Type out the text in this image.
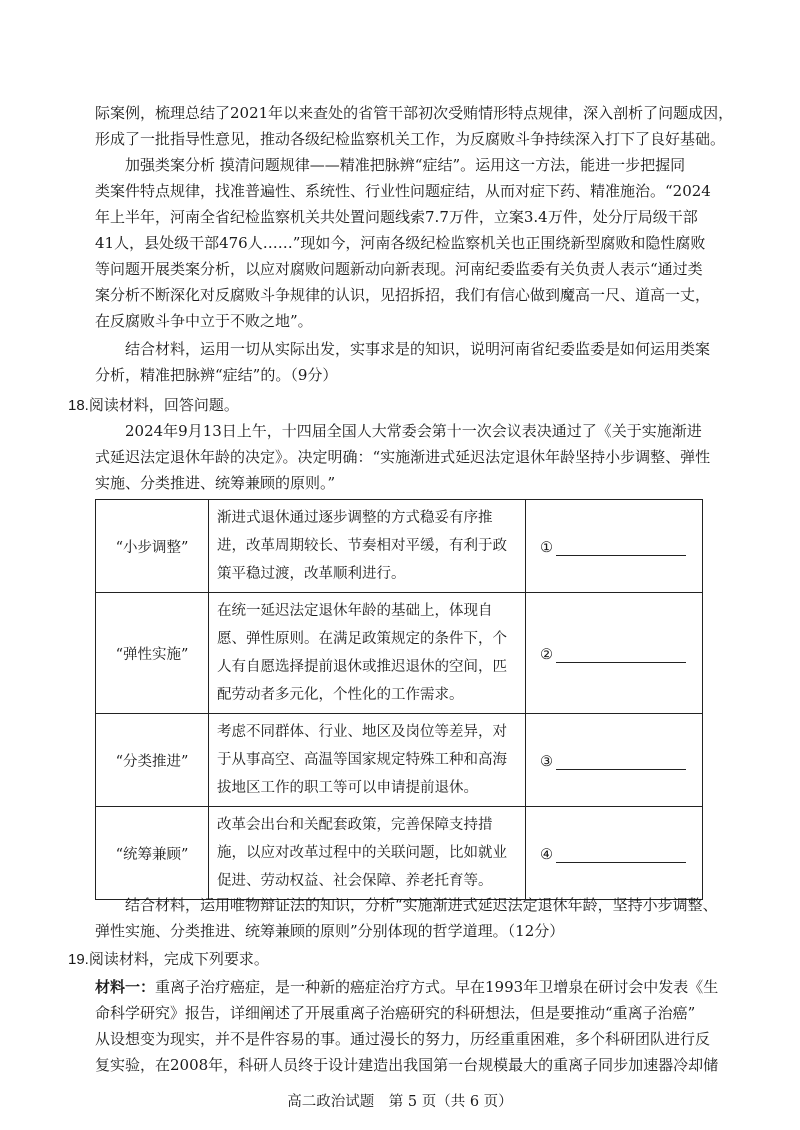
际案例，梳理总结了2021年以来查处的省管干部初次受贿情形特点规律，深入剖析了问题成因，
形成了一批指导性意见，推动各级纪检监察机关工作，为反腐败斗争持续深入打下了良好基础。
加强类案分析 摸清问题规律——精准把脉辨“症结”。运用这一方法，能进一步把握同
类案件特点规律，找准普遍性、系统性、行业性问题症结，从而对症下药、精准施治。“2024
年上半年，河南全省纪检监察机关共处置问题线索7.7万件，立案3.4万件，处分厅局级干部
41人，县处级干部476人……”现如今，河南各级纪检监察机关也正围绕新型腐败和隐性腐败
等问题开展类案分析，以应对腐败问题新动向新表现。河南纪委监委有关负责人表示“通过类
案分析不断深化对反腐败斗争规律的认识，见招拆招，我们有信心做到魔高一尺、道高一丈，
在反腐败斗争中立于不败之地”。
结合材料，运用一切从实际出发，实事求是的知识，说明河南省纪委监委是如何运用类案
分析，精准把脉辨“症结”的。（9分）
18.阅读材料，回答问题。
2024年9月13日上午，十四届全国人大常委会第十一次会议表决通过了《关于实施渐进
式延迟法定退休年龄的决定》。决定明确：“实施渐进式延迟法定退休年龄坚持小步调整、弹性
实施、分类推进、统筹兼顾的原则。”
“小步调整”	渐进式退休通过逐步调整的方式稳妥有序推
进，改革周期较长、节奏相对平缓，有利于政
策平稳过渡，改革顺利进行。	①
“弹性实施”	在统一延迟法定退休年龄的基础上，体现自
愿、弹性原则。在满足政策规定的条件下，个
人有自愿选择提前退休或推迟退休的空间，匹
配劳动者多元化，个性化的工作需求。	②
“分类推进”	考虑不同群体、行业、地区及岗位等差异，对
于从事高空、高温等国家规定特殊工种和高海
拔地区工作的职工等可以申请提前退休。	③
“统筹兼顾”	改革会出台和关配套政策，完善保障支持措
施，以应对改革过程中的关联问题，比如就业
促进、劳动权益、社会保障、养老托育等。	④
结合材料，运用唯物辩证法的知识，分析“实施渐进式延迟法定退休年龄，坚持小步调整、
弹性实施、分类推进、统筹兼顾的原则”分别体现的哲学道理。（12分）
19.阅读材料，完成下列要求。
材料一：重离子治疗癌症，是一种新的癌症治疗方式。早在1993年卫增泉在研讨会中发表《生
命科学研究》报告，详细阐述了开展重离子治癌研究的科研想法，但是要推动“重离子治癌”
从设想变为现实，并不是件容易的事。通过漫长的努力，历经重重困难，多个科研团队进行反
复实验，在2008年，科研人员终于设计建造出我国第一台规模最大的重离子同步加速器冷却储
高二政治试题　第 5 页（共 6 页）
